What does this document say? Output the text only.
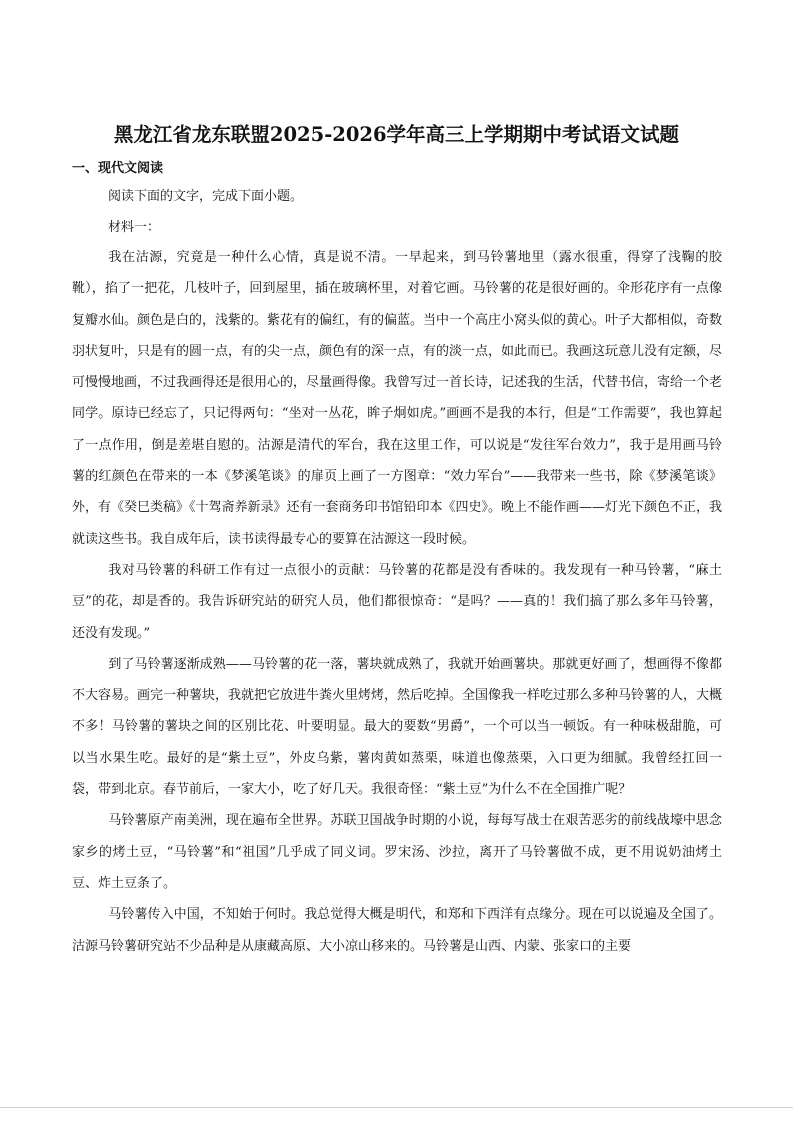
黑龙江省龙东联盟2025-2026学年高三上学期期中考试语文试题
一、现代文阅读
阅读下面的文字，完成下面小题。
材料一：

我在沽源，究竟是一种什么心情，真是说不清。一早起来，到马铃薯地里（露水很重，得穿了浅鞠的胶靴），掐了一把花，几枝叶子，回到屋里，插在玻璃杯里，对着它画。马铃薯的花是很好画的。伞形花序有一点像复瓣水仙。颜色是白的，浅紫的。紫花有的偏红，有的偏蓝。当中一个高庄小窝头似的黄心。叶子大都相似，奇数羽状复叶，只是有的圆一点，有的尖一点，颜色有的深一点，有的淡一点，如此而已。我画这玩意儿没有定额，尽可慢慢地画，不过我画得还是很用心的，尽量画得像。我曾写过一首长诗，记述我的生活，代替书信，寄给一个老同学。原诗已经忘了，只记得两句：“坐对一丛花，眸子炯如虎。”画画不是我的本行，但是“工作需要”，我也算起了一点作用，倒是差堪自慰的。沽源是清代的军台，我在这里工作，可以说是“发往军台效力”，我于是用画马铃薯的红颜色在带来的一本《梦溪笔谈》的扉页上画了一方图章：“效力军台”——我带来一些书，除《梦溪笔谈》外，有《癸巳类稿》《十驾斋养新录》还有一套商务印书馆铅印本《四史》。晚上不能作画——灯光下颜色不正，我就读这些书。我自成年后，读书读得最专心的要算在沽源这一段时候。

我对马铃薯的科研工作有过一点很小的贡献：马铃薯的花都是没有香味的。我发现有一种马铃薯，“麻土豆”的花，却是香的。我告诉研究站的研究人员，他们都很惊奇：“是吗？——真的！我们搞了那么多年马铃薯，还没有发现。”

到了马铃薯逐渐成熟——马铃薯的花一落，薯块就成熟了，我就开始画薯块。那就更好画了，想画得不像都不大容易。画完一种薯块，我就把它放进牛粪火里烤烤，然后吃掉。全国像我一样吃过那么多种马铃薯的人，大概不多！马铃薯的薯块之间的区别比花、叶要明显。最大的要数“男爵”，一个可以当一顿饭。有一种味极甜脆，可以当水果生吃。最好的是“紫土豆”，外皮乌紫，薯肉黄如蒸栗，味道也像蒸栗，入口更为细腻。我曾经扛回一袋，带到北京。春节前后，一家大小，吃了好几天。我很奇怪：“紫土豆”为什么不在全国推广呢？

马铃薯原产南美洲，现在遍布全世界。苏联卫国战争时期的小说，每每写战士在艰苦恶劣的前线战壕中思念家乡的烤土豆，“马铃薯”和“祖国”几乎成了同义词。罗宋汤、沙拉，离开了马铃薯做不成，更不用说奶油烤土豆、炸土豆条了。

马铃薯传入中国，不知始于何时。我总觉得大概是明代，和郑和下西洋有点缘分。现在可以说遍及全国了。沽源马铃薯研究站不少品种是从康藏高原、大小凉山移来的。马铃薯是山西、内蒙、张家口的主要
